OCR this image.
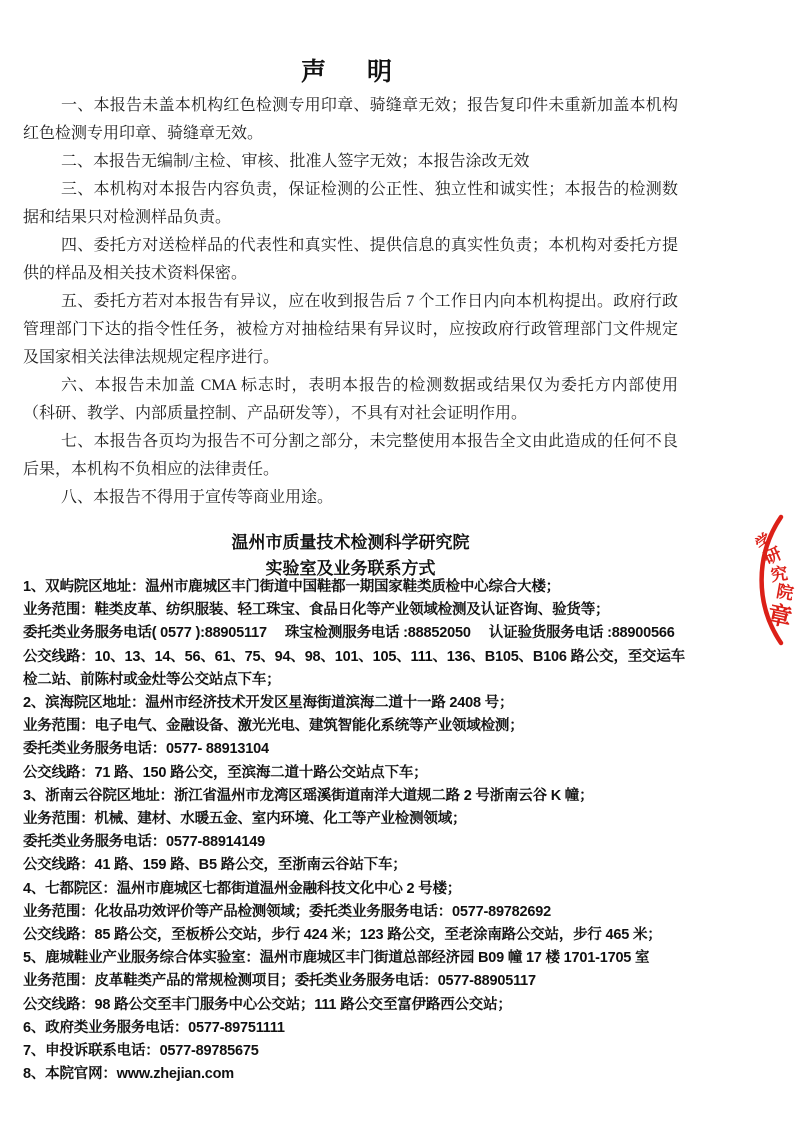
声　明

一、本报告未盖本机构红色检测专用印章、骑缝章无效；报告复印件未重新加盖本机构红色检测专用印章、骑缝章无效。

二、本报告无编制/主检、审核、批准人签字无效；本报告涂改无效

三、本机构对本报告内容负责，保证检测的公正性、独立性和诚实性；本报告的检测数据和结果只对检测样品负责。

四、委托方对送检样品的代表性和真实性、提供信息的真实性负责；本机构对委托方提供的样品及相关技术资料保密。

五、委托方若对本报告有异议，应在收到报告后 7 个工作日内向本机构提出。政府行政管理部门下达的指令性任务，被检方对抽检结果有异议时，应按政府行政管理部门文件规定及国家相关法律法规规定程序进行。

六、本报告未加盖 CMA 标志时，表明本报告的检测数据或结果仅为委托方内部使用（科研、教学、内部质量控制、产品研发等），不具有对社会证明作用。

七、本报告各页均为报告不可分割之部分，未完整使用本报告全文由此造成的任何不良后果，本机构不负相应的法律责任。

八、本报告不得用于宣传等商业用途。

温州市质量技术检测科学研究院
实验室及业务联系方式
1、双屿院区地址：温州市鹿城区丰门街道中国鞋都一期国家鞋类质检中心综合大楼；
业务范围：鞋类皮革、纺织服装、轻工珠宝、食品日化等产业领域检测及认证咨询、验货等；
委托类业务服务电话( 0577 ):88905117　 珠宝检测服务电话 :88852050　 认证验货服务电话 :88900566
公交线路：10、13、14、56、61、75、94、98、101、105、111、136、B105、B106 路公交，至交运车
检二站、前陈村或金灶等公交站点下车；
2、滨海院区地址：温州市经济技术开发区星海街道滨海二道十一路 2408 号；
业务范围：电子电气、金融设备、激光光电、建筑智能化系统等产业领域检测；
委托类业务服务电话：0577- 88913104
公交线路：71 路、150 路公交，至滨海二道十路公交站点下车；
3、浙南云谷院区地址：浙江省温州市龙湾区瑶溪街道南洋大道规二路 2 号浙南云谷 K 幢；
业务范围：机械、建材、水暖五金、室内环境、化工等产业检测领域；
委托类业务服务电话：0577-88914149
公交线路：41 路、159 路、B5 路公交，至浙南云谷站下车；
4、七都院区：温州市鹿城区七都街道温州金融科技文化中心 2 号楼；
业务范围：化妆品功效评价等产品检测领域；委托类业务服务电话：0577-89782692
公交线路：85 路公交，至板桥公交站，步行 424 米；123 路公交，至老涂南路公交站，步行 465 米；
5、鹿城鞋业产业服务综合体实验室：温州市鹿城区丰门街道总部经济园 B09 幢 17 楼 1701-1705 室
业务范围：皮革鞋类产品的常规检测项目；委托类业务服务电话：0577-88905117
公交线路：98 路公交至丰门服务中心公交站；111 路公交至富伊路西公交站；
6、政府类业务服务电话：0577-89751111
7、申投诉联系电话：0577-89785675
8、本院官网：www.zhejian.com
学
研
究
院
章
